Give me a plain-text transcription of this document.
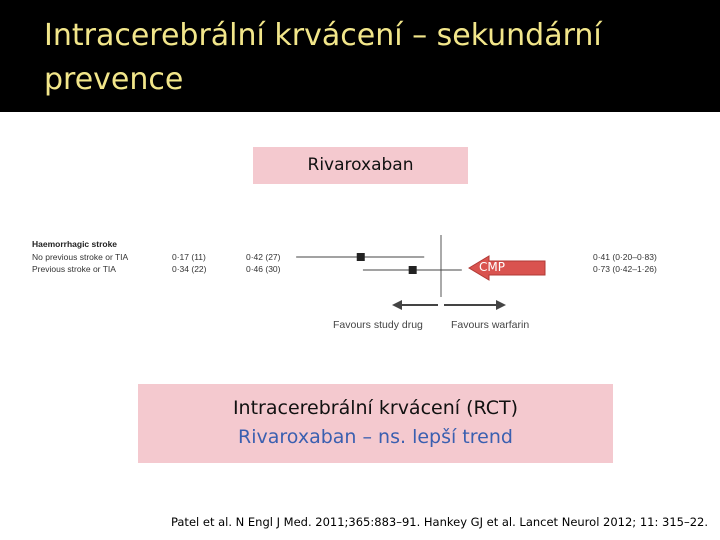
Intracerebrální krvácení – sekundární prevence
Rivaroxaban
Haemorrhagic stroke
No previous stroke or TIA
Previous stroke or TIA
0·17 (11)
0·34 (22)
0·42 (27)
0·46 (30)
0·41 (0·20–0·83)
0·73 (0·42–1·26)
Favours study drug	Favours warfarin
CMP
Intracerebrální krvácení (RCT)
Rivaroxaban – ns. lepší trend
Patel et al. N Engl J Med. 2011;365:883–91. Hankey GJ et al. Lancet Neurol 2012; 11: 315–22.
